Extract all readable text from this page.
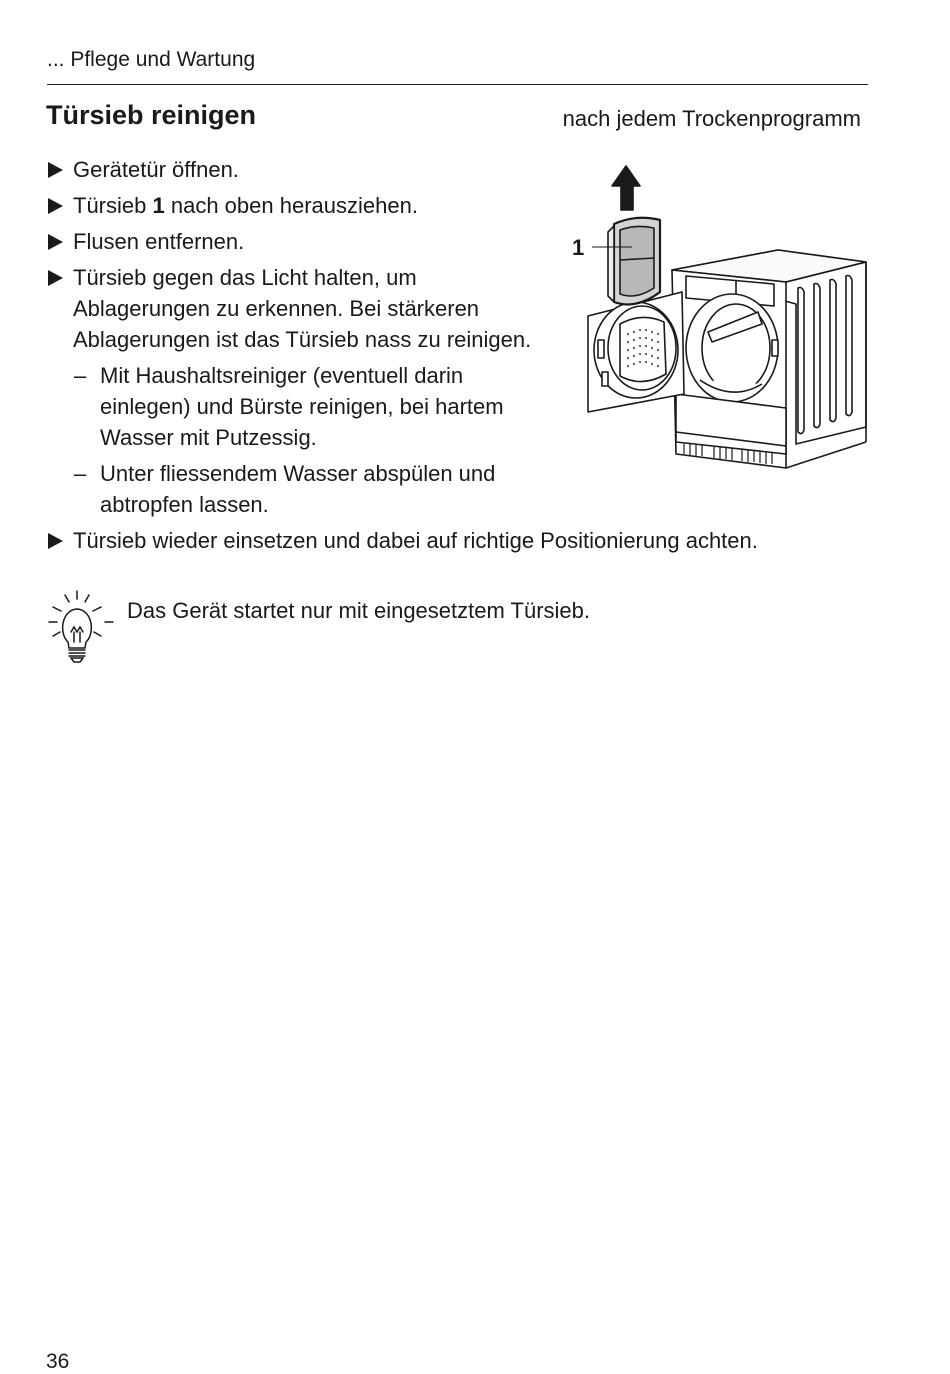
... Pflege und Wartung
Türsieb reinigen	nach jedem Trockenprogramm
Gerätetür öffnen.
Türsieb 1 nach oben herausziehen.
Flusen entfernen.
Türsieb gegen das Licht halten, um Ablagerungen zu erkennen. Bei stärkeren Ablagerungen ist das Türsieb nass zu reinigen.
– Mit Haushaltsreiniger (eventuell darin einlegen) und Bürste reinigen, bei hartem Wasser mit Putzessig.
– Unter fliessendem Wasser abspülen und abtropfen lassen.
Türsieb wieder einsetzen und dabei auf richtige Positionierung achten.
Das Gerät startet nur mit eingesetztem Türsieb.
1
36
